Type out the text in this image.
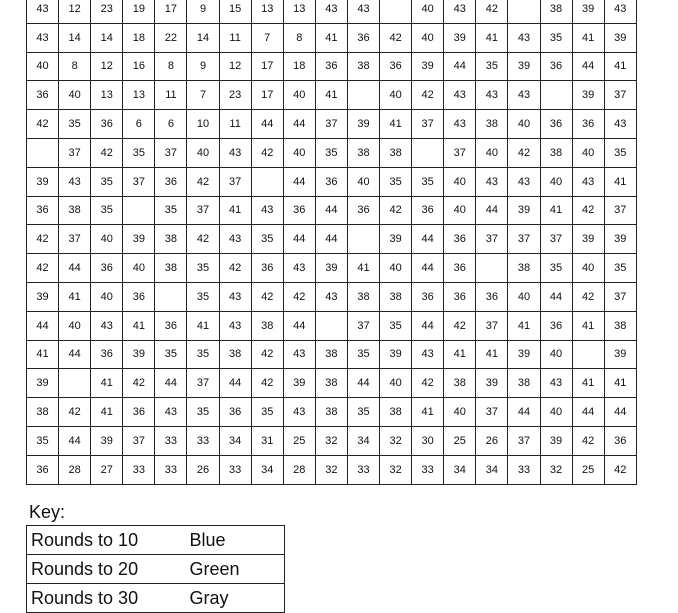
43	12	23	19	17	9	15	13	13	43	43		40	43	42		38	39	43
43	14	14	18	22	14	11	7	8	41	36	42	40	39	41	43	35	41	39
40	8	12	16	8	9	12	17	18	36	38	36	39	44	35	39	36	44	41
36	40	13	13	11	7	23	17	40	41		40	42	43	43	43		39	37
42	35	36	6	6	10	11	44	44	37	39	41	37	43	38	40	36	36	43
	37	42	35	37	40	43	42	40	35	38	38		37	40	42	38	40	35
39	43	35	37	36	42	37		44	36	40	35	35	40	43	43	40	43	41
36	38	35		35	37	41	43	36	44	36	42	36	40	44	39	41	42	37
42	37	40	39	38	42	43	35	44	44		39	44	36	37	37	37	39	39
42	44	36	40	38	35	42	36	43	39	41	40	44	36		38	35	40	35
39	41	40	36		35	43	42	42	43	38	38	36	36	36	40	44	42	37
44	40	43	41	36	41	43	38	44		37	35	44	42	37	41	36	41	38
41	44	36	39	35	35	38	42	43	38	35	39	43	41	41	39	40		39
39		41	42	44	37	44	42	39	38	44	40	42	38	39	38	43	41	41
38	42	41	36	43	35	36	35	43	38	35	38	41	40	37	44	40	44	44
35	44	39	37	33	33	34	31	25	32	34	32	30	25	26	37	39	42	36
36	28	27	33	33	26	33	34	28	32	33	32	33	34	34	33	32	25	42
Key:
Rounds to 10	Blue
Rounds to 20	Green
Rounds to 30	Gray
